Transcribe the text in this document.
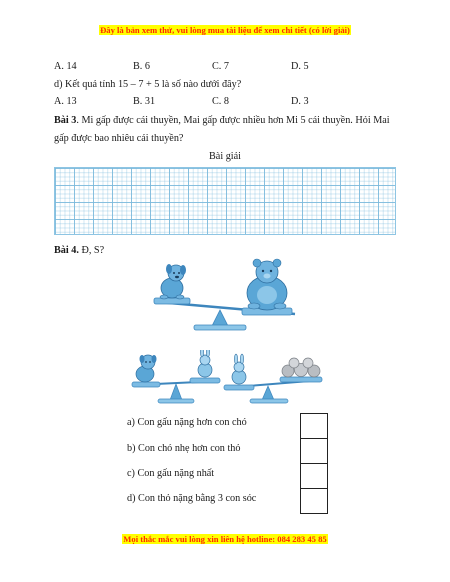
Đây là bản xem thử, vui lòng mua tài liệu để xem chi tiết (có lời giải)
A. 14	B. 6	C. 7	D. 5
d) Kết quả tính 15 – 7 + 5 là số nào dưới đây?
A. 13	B. 31	C. 8	D. 3
Bài 3. Mi gấp được cái thuyền, Mai gấp được nhiều hơn Mi 5 cái thuyền. Hỏi Mai
gấp được bao nhiêu cái thuyền?
Bài giải
Bài 4. Đ, S?
a) Con gấu nặng hơn con chó
b) Con chó nhẹ hơn con thỏ
c) Con gấu nặng nhất
d) Con thỏ nặng bằng 3 con sóc
Mọi thắc mắc vui lòng xin liên hệ hotline: 084 283 45 85
